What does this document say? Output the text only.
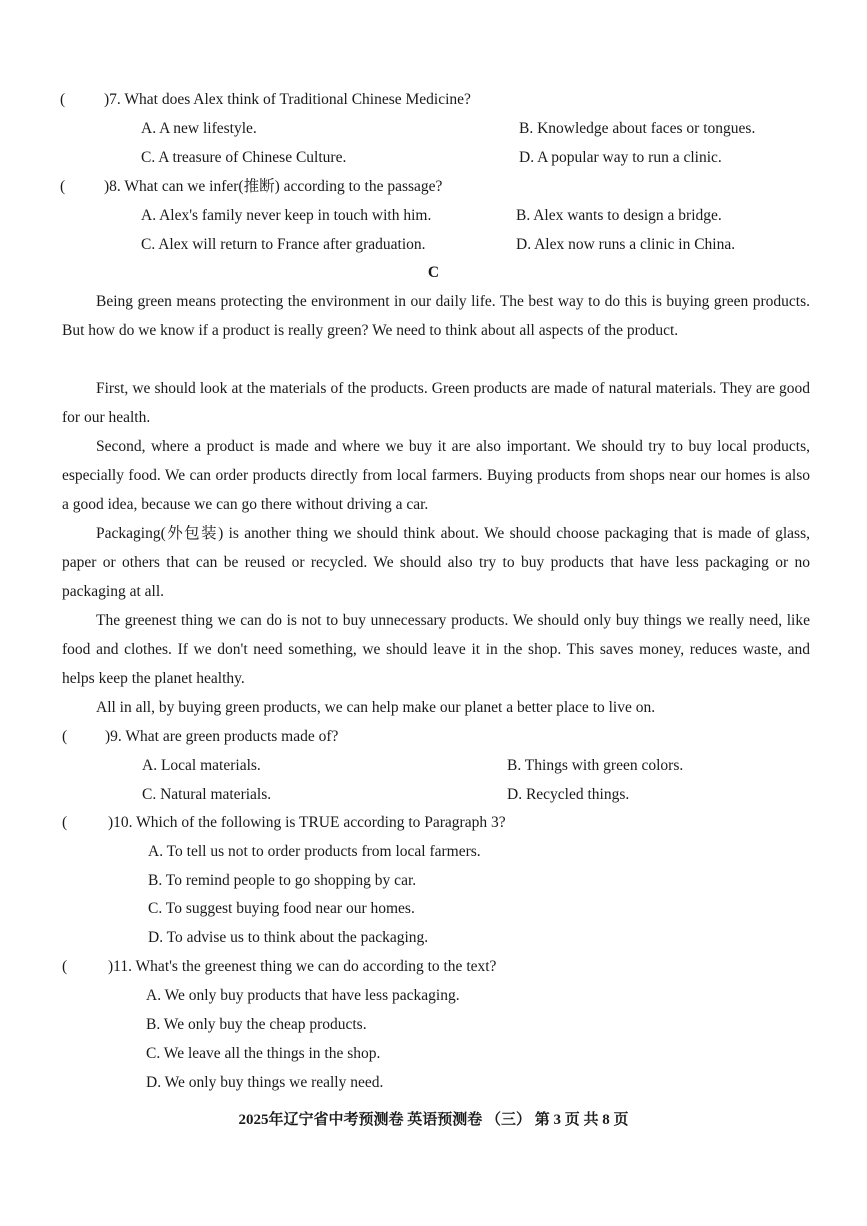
(	)7. What does Alex think of Traditional Chinese Medicine?
A. A new lifestyle.	B. Knowledge about faces or tongues.
C. A treasure of Chinese Culture.	D. A popular way to run a clinic.
(	)8. What can we infer(推断) according to the passage?
A. Alex's family never keep in touch with him.	B. Alex wants to design a bridge.
C. Alex will return to France after graduation.	D. Alex now runs a clinic in China.
C

Being green means protecting the environment in our daily life. The best way to do this is buying green products. But how do we know if a product is really green? We need to think about all aspects of the product.

First, we should look at the materials of the products. Green products are made of natural materials. They are good for our health.

Second, where a product is made and where we buy it are also important. We should try to buy local products, especially food. We can order products directly from local farmers. Buying products from shops near our homes is also a good idea, because we can go there without driving a car.

Packaging(外包装) is another thing we should think about. We should choose packaging that is made of glass, paper or others that can be reused or recycled. We should also try to buy products that have less packaging or no packaging at all.

The greenest thing we can do is not to buy unnecessary products. We should only buy things we really need, like food and clothes. If we don't need something, we should leave it in the shop. This saves money, reduces waste, and helps keep the planet healthy.

All in all, by buying green products, we can help make our planet a better place to live on.

( )9. What are green products made of?
A. Local materials.	B. Things with green colors.
C. Natural materials.	D. Recycled things.
(	)10. Which of the following is TRUE according to Paragraph 3?
A. To tell us not to order products from local farmers.
B. To remind people to go shopping by car.
C. To suggest buying food near our homes.
D. To advise us to think about the packaging.
(	)11. What's the greenest thing we can do according to the text?
A. We only buy products that have less packaging.
B. We only buy the cheap products.
C. We leave all the things in the shop.
D. We only buy things we really need.
2025年辽宁省中考预测卷 英语预测卷 （三） 第 3 页 共 8 页
